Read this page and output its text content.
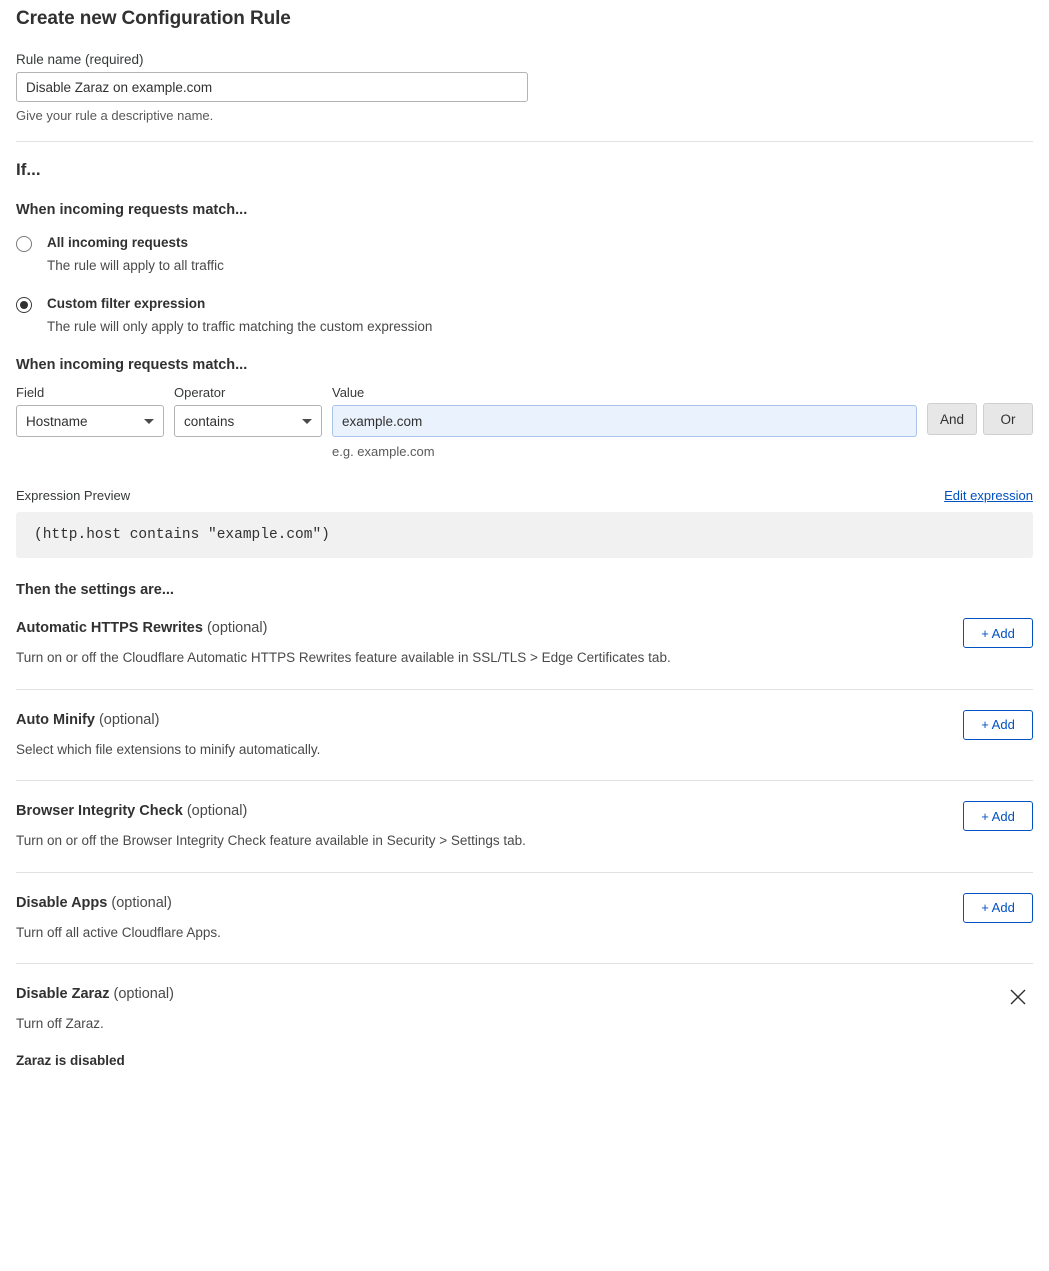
Create new Configuration Rule
Rule name (required)
Disable Zaraz on example.com
Give your rule a descriptive name.
If...
When incoming requests match...
All incoming requests
The rule will apply to all traffic
Custom filter expression
The rule will only apply to traffic matching the custom expression
When incoming requests match...
Field
Hostname
Operator
contains
Value
example.com
e.g. example.com
And	Or
Expression Preview	Edit expression
(http.host contains "example.com")
Then the settings are...
Automatic HTTPS Rewrites (optional)
Turn on or off the Cloudflare Automatic HTTPS Rewrites feature available in SSL/TLS > Edge Certificates tab.
+ Add
Auto Minify (optional)
Select which file extensions to minify automatically.
+ Add
Browser Integrity Check (optional)
Turn on or off the Browser Integrity Check feature available in Security > Settings tab.
+ Add
Disable Apps (optional)
Turn off all active Cloudflare Apps.
+ Add
Disable Zaraz (optional)
Turn off Zaraz.
Zaraz is disabled
